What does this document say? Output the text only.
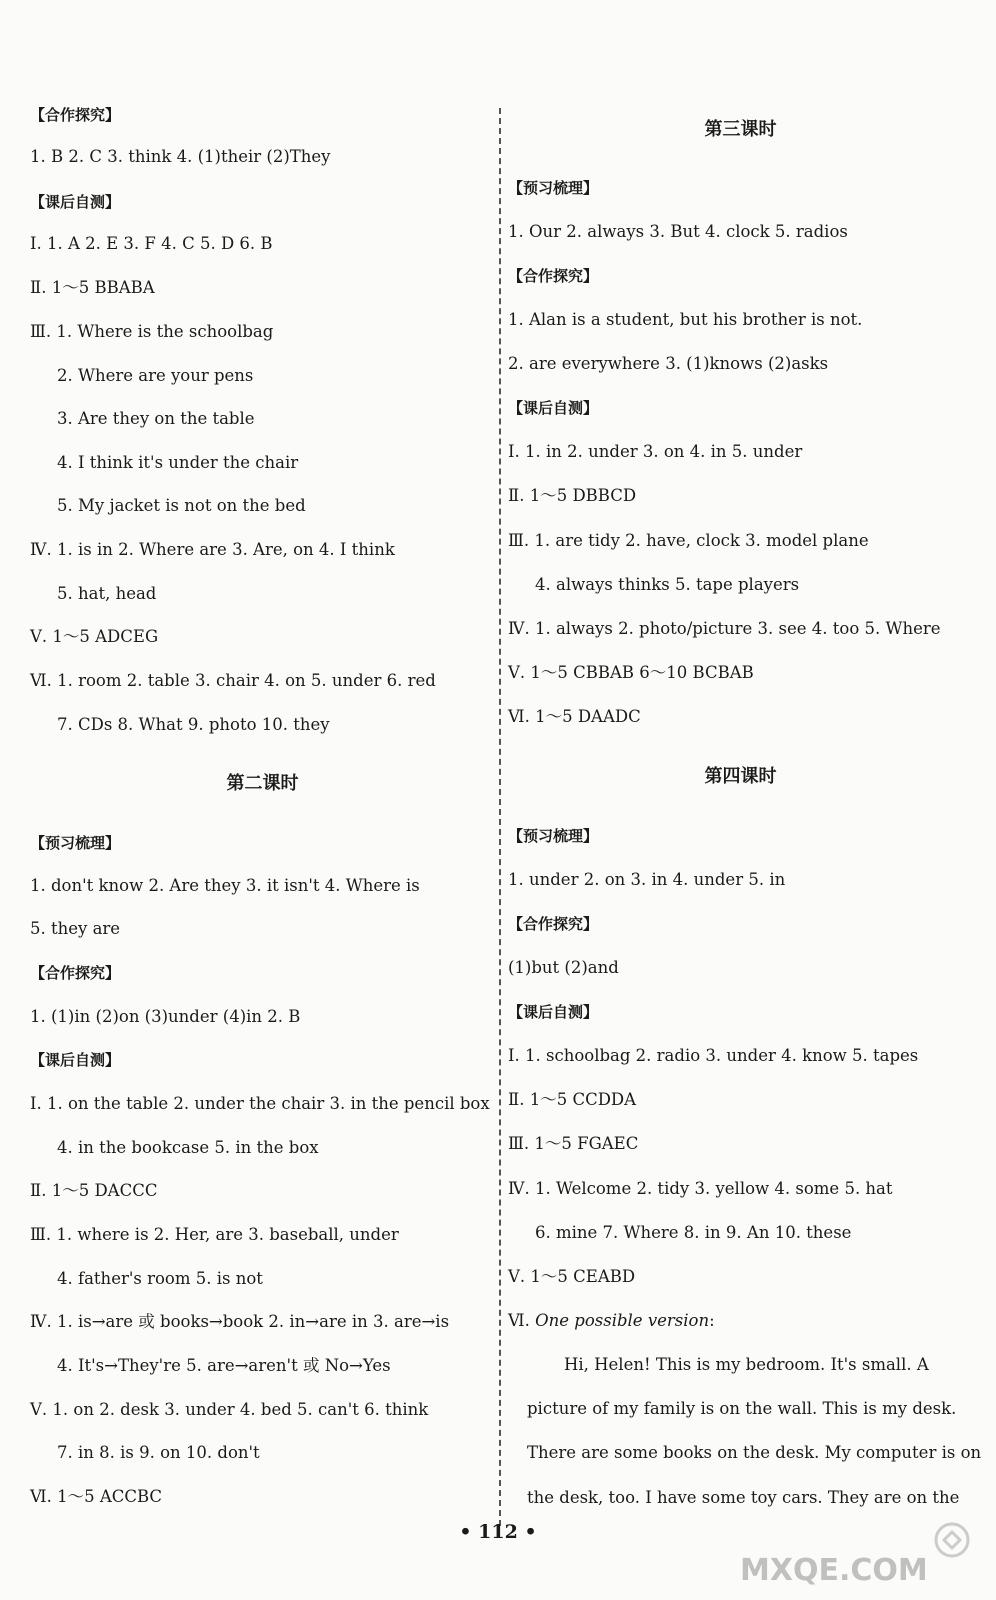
【合作探究】
1. B 2. C 3. think 4. (1)their (2)They
【课后自测】
Ⅰ. 1. A 2. E 3. F 4. C 5. D 6. B
Ⅱ. 1～5 BBABA
Ⅲ. 1. Where is the schoolbag
2. Where are your pens
3. Are they on the table
4. I think it's under the chair
5. My jacket is not on the bed
Ⅳ. 1. is in 2. Where are 3. Are, on 4. I think
5. hat, head
Ⅴ. 1～5 ADCEG
Ⅵ. 1. room 2. table 3. chair 4. on 5. under 6. red
7. CDs 8. What 9. photo 10. they
第二课时
【预习梳理】
1. don't know 2. Are they 3. it isn't 4. Where is
5. they are
【合作探究】
1. (1)in (2)on (3)under (4)in 2. B
【课后自测】
Ⅰ. 1. on the table 2. under the chair 3. in the pencil box
4. in the bookcase 5. in the box
Ⅱ. 1～5 DACCC
Ⅲ. 1. where is 2. Her, are 3. baseball, under
4. father's room 5. is not
Ⅳ. 1. is→are 或 books→book 2. in→are in 3. are→is
4. It's→They're 5. are→aren't 或 No→Yes
Ⅴ. 1. on 2. desk 3. under 4. bed 5. can't 6. think
7. in 8. is 9. on 10. don't
Ⅵ. 1～5 ACCBC
第三课时
【预习梳理】
1. Our 2. always 3. But 4. clock 5. radios
【合作探究】
1. Alan is a student, but his brother is not.
2. are everywhere 3. (1)knows (2)asks
【课后自测】
Ⅰ. 1. in 2. under 3. on 4. in 5. under
Ⅱ. 1～5 DBBCD
Ⅲ. 1. are tidy 2. have, clock 3. model plane
4. always thinks 5. tape players
Ⅳ. 1. always 2. photo/picture 3. see 4. too 5. Where
Ⅴ. 1～5 CBBAB 6～10 BCBAB
Ⅵ. 1～5 DAADC
第四课时
【预习梳理】
1. under 2. on 3. in 4. under 5. in
【合作探究】
(1)but (2)and
【课后自测】
Ⅰ. 1. schoolbag 2. radio 3. under 4. know 5. tapes
Ⅱ. 1～5 CCDDA
Ⅲ. 1～5 FGAEC
Ⅳ. 1. Welcome 2. tidy 3. yellow 4. some 5. hat
6. mine 7. Where 8. in 9. An 10. these
Ⅴ. 1～5 CEABD
Ⅵ. One possible version:
Hi, Helen! This is my bedroom. It's small. A
picture of my family is on the wall. This is my desk.
There are some books on the desk. My computer is on
the desk, too. I have some toy cars. They are on the
• 112 •
MXQE.COM
